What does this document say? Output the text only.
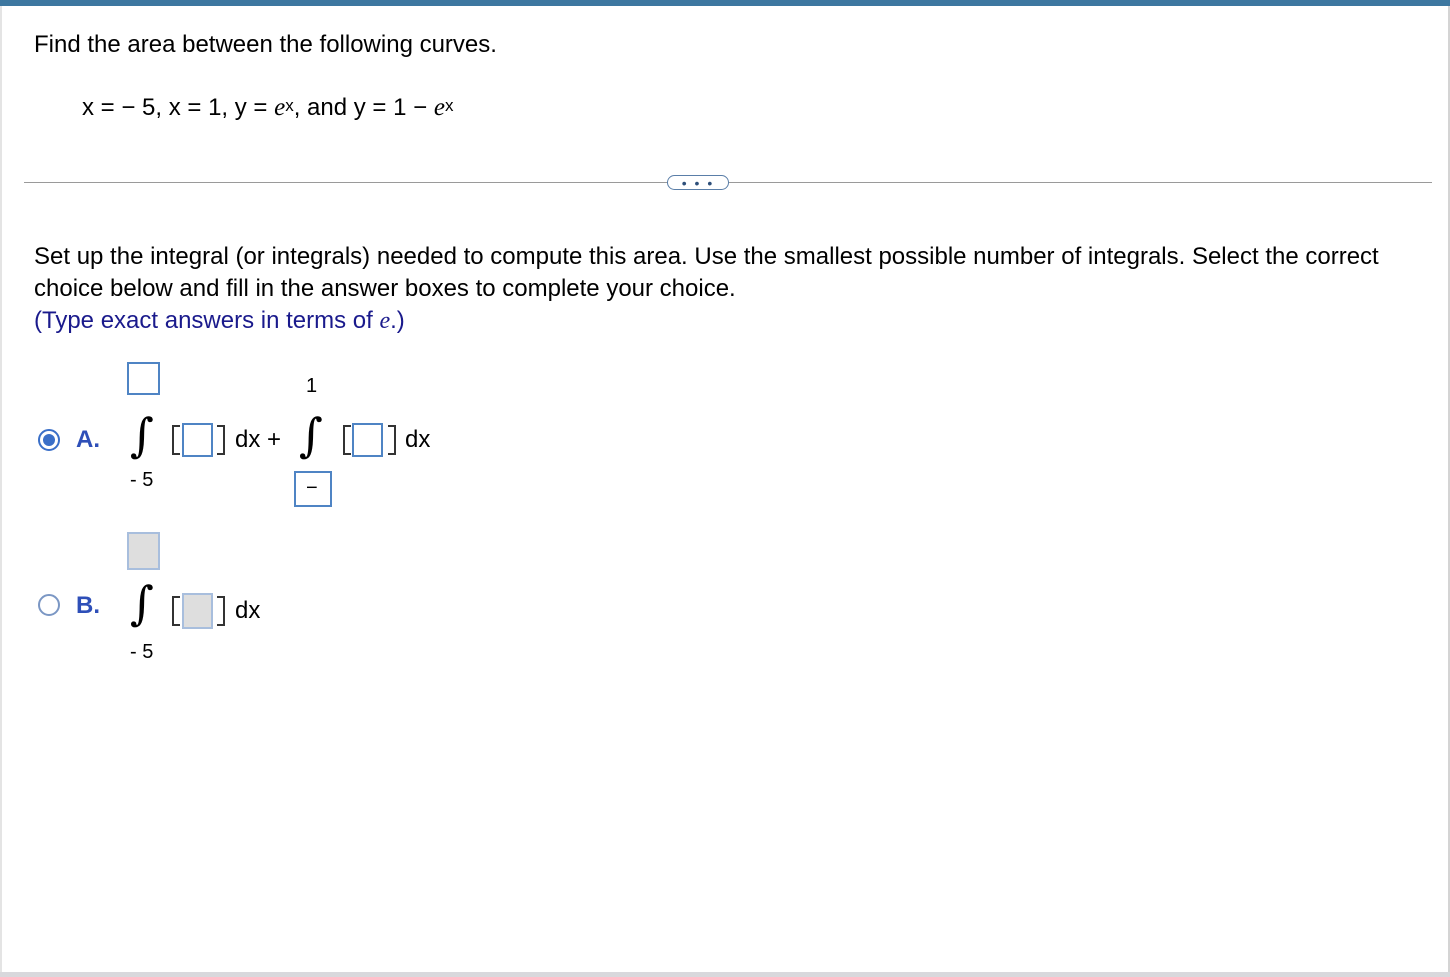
Find the area between the following curves.
x = − 5, x = 1, $y = e^x$, and $y = 1 - e^x$
• • •
Set up the integral (or integrals) needed to compute this area. Use the smallest possible number of integrals. Select the correct choice below and fill in the answer boxes to complete your choice.
(Type exact answers in terms of e.)
A. ∫
- 5
dx +
1
∫
−
dx
B. ∫
- 5
dx
